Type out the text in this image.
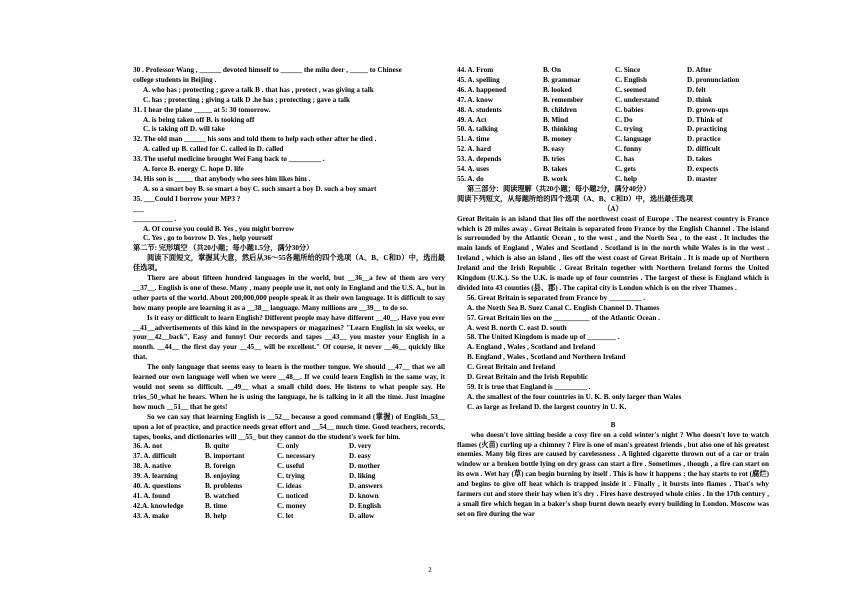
30 . Professor Wang , ______ devoted himself to ______ the milu deer , _____ to Chinese
college students in Beijing .
A. who has ; protecting ; gave a talk B . that has , protect , was giving a talk
C. has ; protecting ; giving a talk D .he has ; protecting ; gave a talk
31. I hear the plane _____ at 5: 30 tomorrow.
A. is being taken off B. is tooking off
C. is taking off D. will take
32. The old man ______ his sons and told them to help each other after he died .
A. called up B. called for C. called in D. called
33. The useful medicine brought Wei Fang back to _________ .
A. force B. energy C. hope D. life
34. His son is _____ that anybody who sees him likes him .
A. so a smart boy B. so smart a boy C. such smart a boy D. such a boy smart
35. ___Could I borrow your MP3 ?
___
___________ .
A. Of course you could B. Yes , you might borrow
C. Yes , go to borrow D. Yes , help yourself
第二节: 完形填空 （共20小题；每小题1.5分，满分30分）
阅读下面短文，掌握其大意，然后从36～55各题所给的四个选项（A、B、C和D）中，选出最佳选项。
There are about fifteen hundred languages in the world, but __36__a few of them are very __37__. English is one of these. Many , many people use it, not only in England and the U.S. A., but in other parts of the world. About 200,000,000 people speak it as their own language. It is difficult to say how many people are learning it as a __38__ language. Many millions are __39__ to do so.
Is it easy or difficult to learn English? Different people may have different __40__. Have you ever __41__advertisements of this kind in the newspapers or magazines? "Learn English in six weeks, or your__42__back", Easy and funny! Our records and tapes __43__ you master your English in a month. __44__ the first day your __45__ will be excellent." Of course, it never __46__ quickly like that.
The only language that seems easy to learn is the mother tongue. We should __47__ that we all learned our own language well when we were __48__. If we could learn English in the same way, it would not seem so difficult. __49__ what a small child does. He listens to what people say. He tries_50_what he hears. When he is using the language, he is talking in it all the time. Just imagine how much __51__ that he gets!
So we can say that learning English is __52__ because a good command (掌握) of English_53__ upon a lot of practice, and practice needs great effort and __54__ much time. Good teachers, records, tapes, books, and dictionaries will __55_ but they cannot do the student's work for him.
36. A. not	B. quite	C. only	D. very
37. A. difficult	B. important	C. necessary	D. easy
38. A. native	B. foreign	C. useful	D. mother
39. A. learning	B. enjoying	C. trying	D. liking
40. A. questions	B. problems	C. ideas	D. answers
41. A. found	B. watched	C. noticed	D. known
42.A. knowledge	B. time	C. money	D. English
43. A. make	B. help	C. let	D. allow
44. A. From	B. On	C. Since	D. After
45. A. spelling	B. grammar	C. English	D. pronunciation
46. A. happened	B. looked	C. seemed	D. felt
47. A. know	B. remember	C. understand	D. think
48. A. students	B. children	C. babies	D. grown-ups
49. A. Act	B. Mind	C. Do	D. Think of
50. A. talking	B. thinking	C. trying	D. practicing
51. A. time	B. money	C. language	D. practice
52. A. hard	B. easy	C. funny	D. difficult
53. A. depends	B. tries	C. has	D. takes
54. A. uses	B. takes	C. gets	D. expects
55. A. do	B. work	C. help	D. master
第三部分：阅读理解（共20小题；每小题2分，满分40分）
阅读下列短文，从每题所给的四个选项（A、B、C和D）中，选出最佳选项
（A）
Great Britain is an island that lies off the northwest coast of Europe . The nearest country is France which is 20 miles away . Great Britain is separated from France by the English Channel . The island is surrounded by the Atlantic Ocean , to the west , and the North Sea , to the east . It includes the main lands of England , Wales and Scotland . Scotland is in the north while Wales is in the west . Ireland , which is also an island , lies off the west coast of Great Britain . It is made up of Northern Ireland and the Irish Republic . Great Britain together with Northern Ireland forms the United Kingdom (U.K.). So the U.K. is made up of four countries . The largest of these is England which is divided into 43 counties (县、郡) . The capital city is London which is on the river Thames .
56. Great Britain is separated from France by _________ .
A. the North Sea B. Suez Canal C. English Channel D. Thames
57. Great Britain lies on the __________ of the Atlantic Ocean .
A. west B. north C. east D. south
58. The United Kingdom is made up of ________ .
A. England , Wales , Scotland and Ireland
B. England , Wales , Scotland and Northern Ireland
C. Great Britain and Ireland
D. Great Britain and the Irish Republic
59. It is true that England is _________ .
A. the smallest of the four countries in U. K. B. only larger than Wales
C. as large as Ireland D. the largest country in U. K.
B
who doesn't love sitting beside a cosy fire on a cold winter's night ? Who doesn't love to watch flames (火苗) curling up a chimney ? Fire is one of man's greatest friends , but also one of his greatest enemies. Many big fires are caused by carelessness . A lighted cigarette thrown out of a car or train window or a broken bottle lying on dry grass can start a fire . Sometimes , though , a fire can start on its own . Wet hay (草) can begin burning by itself . This is how it happens : the hay starts to rot (腐烂) and begins to give off heat which is trapped inside it . Finally , it bursts into flames . That's why farmers cut and store their hay when it's dry . Fires have destroyed whole cities . In the 17th century , a small fire which began in a baker's shop burnt down nearly every building in London. Moscow was set on fire during the war
2
